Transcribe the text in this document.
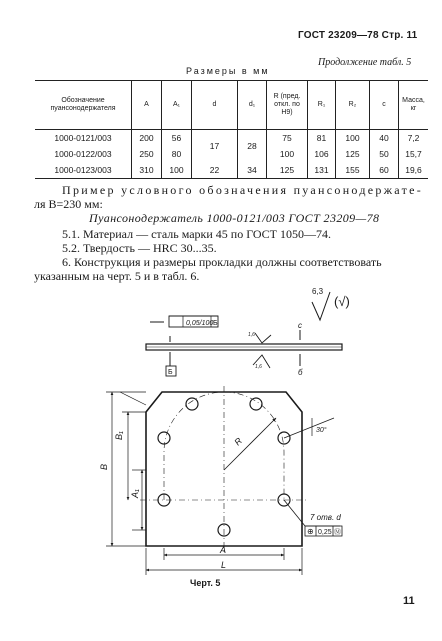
ГОСТ 23209—78 Стр. 11
Продолжение табл. 5
Размеры в мм
Обозначение пуансонодержателя	A	A₁	d	d₁	R (пред. откл. по H9)	R₁	R₂	c	Масса, кг
1000-0121/003	200	56	17	28	75	81	100	40	7,2
1000-0122/003	250	80			100	106	125	50	15,7
1000-0123/003	310	100	22	34	125	131	155	60	19,6
Пример условного обозначения пуансонодержате-
ля B=230 мм:
Пуансонодержатель 1000-0121/003 ГОСТ 23209—78
5.1. Материал — сталь марки 45 по ГОСТ 1050—74.
5.2. Твердость — HRC 30...35.
6. Конструкция и размеры прокладки должны соответствовать
указанным на черт. 5 и в табл. 6.
6,3
(√)
0,05/100 Б
Б
1,6
1,6
c
б
R
B₁
B
A₁
A
L
30°
7 отв. d
⊕ 0,25 Ⓜ
Черт. 5
11
